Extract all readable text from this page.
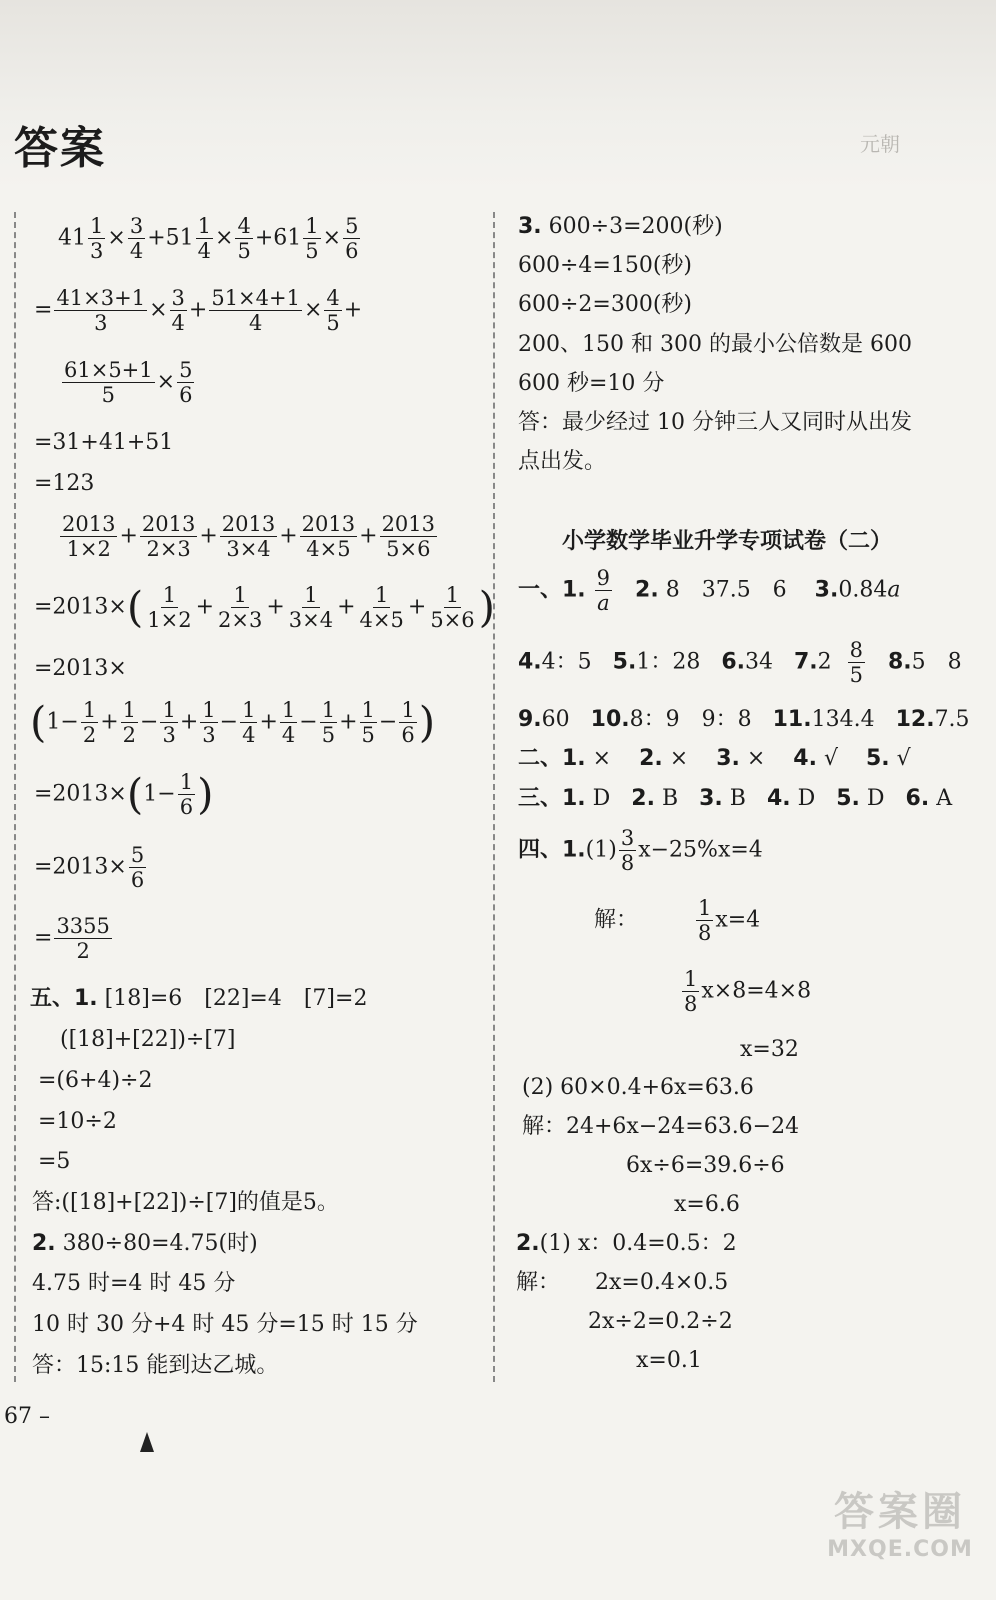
答案	元朝
$41 \frac{1}{3} \times \frac{3}{4} +51 \frac{1}{4} \times \frac{4}{5} +61 \frac{1}{5} \times \frac{5}{6}$
= $\frac{41\times 3+1}{3} \times \frac{3}{4} + \frac{51\times 4+1}{4} \times \frac{4}{5}$ +
$\frac{61\times 5+1}{5} \times \frac{5}{6}$
=31+41+51
=123
$\frac{2013}{1\times 2} + \frac{2013}{2\times 3} + \frac{2013}{3\times 4} + \frac{2013}{4\times 5} + \frac{2013}{5\times 6}$
$=2013\times( \frac{1}{1\times 2} + \frac{1}{2\times 3} + \frac{1}{3\times 4} + \frac{1}{4\times 5} + \frac{1}{5\times 6}$ )
=2013×
($1- \frac{1}{2} + \frac{1}{2} - \frac{1}{3} + \frac{1}{3} - \frac{1}{4} + \frac{1}{4} - \frac{1}{5} + \frac{1}{5} - \frac{1}{6}$ )
$=2013\times(1- \frac{1}{6}$ )
$=2013\times \frac{5}{6}$
= $\frac{3355}{2}$
五、1. [18]=6　[22]=4　[7]=2
([18]+[22])÷[7]
=(6+4)÷2
=10÷2
=5
答:([18]+[22])÷[7]的值是5。
2. 380÷80=4.75(时)
4.75 时=4 时 45 分
10 时 30 分+4 时 45 分=15 时 15 分
答：15:15 能到达乙城。
3. 600÷3=200(秒)
600÷4=150(秒)
600÷2=300(秒)
200、150 和 300 的最小公倍数是 600
600 秒=10 分
答：最少经过 10 分钟三人又同时从出发
点出发。
小学数学毕业升学专项试卷（二）
一、1. $\frac{9}{a} 2$. 8　37.5　6 3.0.84a
4.4：5 5.1：28 6.34 $7.2 \frac{8}{5} 8.5$　8
9.60 10.8：9　9：8 11.134.4 12.7.5
二、1. × 2. × 3. × 4. √ 5. √
三、1. D 2. B 3. B 4. D 5. D 6. A
四、$1.(1) \frac{3}{8} x-25\%x=4$
解：	$\frac{1}{8} x=4$
$\frac{1}{8} x\times 8=4\times 8$
x=32
(2) 60×0.4+6x=63.6
解：24+6x−24=63.6−24
6x÷6=39.6÷6
x=6.6
2.(1) x：0.4=0.5：2
解： 2x=0.4×0.5
2x÷2=0.2÷2
x=0.1
67 –
答案圈
MXQE.COM
